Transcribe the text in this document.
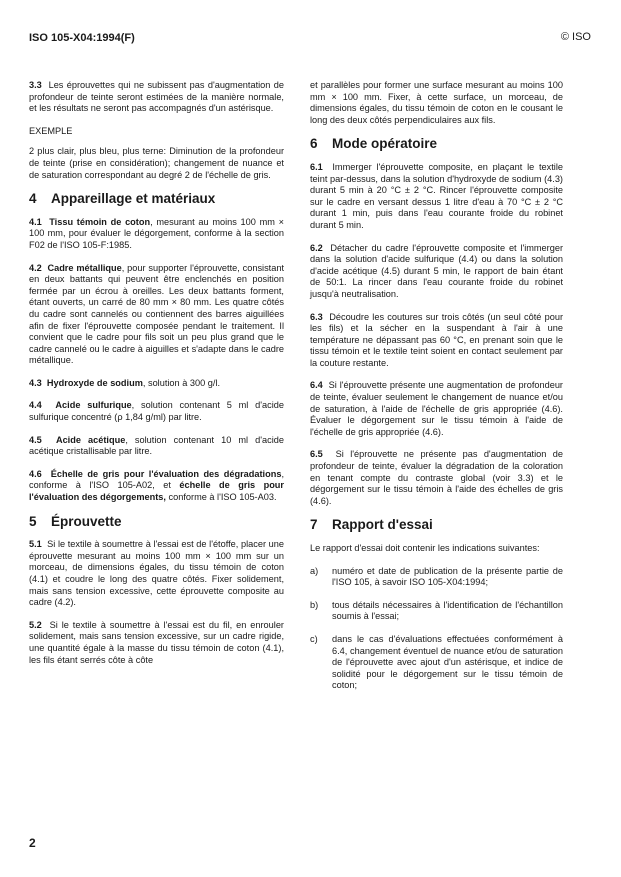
ISO 105-X04:1994(F)	© ISO

3.3 Les éprouvettes qui ne subissent pas d'augmentation de profondeur de teinte seront estimées de la manière normale, et les résultats ne seront pas accompagnés d'un astérisque.

EXEMPLE

2 plus clair, plus bleu, plus terne: Diminution de la profondeur de teinte (prise en considération); changement de nuance et de saturation correspondant au degré 2 de l'échelle de gris.

4 Appareillage et matériaux

4.1 Tissu témoin de coton, mesurant au moins 100 mm × 100 mm, pour évaluer le dégorgement, conforme à la section F02 de l'ISO 105-F:1985.

4.2 Cadre métallique, pour supporter l'éprouvette, consistant en deux battants qui peuvent être enclenchés en position fermée par un écrou à oreilles. Les deux battants forment, étant ouverts, un carré de 80 mm × 80 mm. Les quatre côtés du cadre sont cannelés ou contiennent des barres aiguillées afin de fixer l'éprouvette composée pendant le traitement. Il convient que le cadre pour fils soit un peu plus grand que le cadre cannelé ou le cadre à aiguilles et s'adapte dans le cadre métallique.

4.3 Hydroxyde de sodium, solution à 300 g/l.

4.4 Acide sulfurique, solution contenant 5 ml d'acide sulfurique concentré (ρ 1,84 g/ml) par litre.

4.5 Acide acétique, solution contenant 10 ml d'acide acétique cristallisable par litre.

4.6 Échelle de gris pour l'évaluation des dégradations, conforme à l'ISO 105-A02, et échelle de gris pour l'évaluation des dégorgements, conforme à l'ISO 105-A03.

5 Éprouvette

5.1 Si le textile à soumettre à l'essai est de l'étoffe, placer une éprouvette mesurant au moins 100 mm × 100 mm sur un morceau, de dimensions égales, du tissu témoin de coton (4.1) et coudre le long des quatre côtés. Fixer solidement, mais sans tension excessive, cette éprouvette composite au cadre (4.2).

5.2 Si le textile à soumettre à l'essai est du fil, en enrouler solidement, mais sans tension excessive, sur un cadre rigide, une quantité égale à la masse du tissu témoin de coton (4.1), les fils étant serrés côte à côte

et parallèles pour former une surface mesurant au moins 100 mm × 100 mm. Fixer, à cette surface, un morceau, de dimensions égales, du tissu témoin de coton en le cousant le long des deux côtés perpendiculaires aux fils.

6 Mode opératoire

6.1 Immerger l'éprouvette composite, en plaçant le textile teint par-dessus, dans la solution d'hydroxyde de sodium (4.3) durant 5 min à 20 °C ± 2 °C. Rincer l'éprouvette composite sur le cadre en versant dessus 1 litre d'eau à 70 °C ± 2 °C durant 1 min, puis dans l'eau courante froide du robinet durant 5 min.

6.2 Détacher du cadre l'éprouvette composite et l'immerger dans la solution d'acide sulfurique (4.4) ou dans la solution d'acide acétique (4.5) durant 5 min, le rapport de bain étant de 50:1. La rincer dans l'eau courante froide du robinet jusqu'à neutralisation.

6.3 Découdre les coutures sur trois côtés (un seul côté pour les fils) et la sécher en la suspendant à l'air à une température ne dépassant pas 60 °C, en prenant soin que le tissu témoin et le textile teint soient en contact seulement par la couture restante.

6.4 Si l'éprouvette présente une augmentation de profondeur de teinte, évaluer seulement le changement de nuance et/ou de saturation, à l'aide de l'échelle de gris appropriée (4.6). Évaluer le dégorgement sur le tissu témoin à l'aide de l'échelle de gris appropriée (4.6).

6.5 Si l'éprouvette ne présente pas d'augmentation de profondeur de teinte, évaluer la dégradation de la coloration en tenant compte du contraste global (voir 3.3) et le dégorgement sur le tissu témoin à l'aide des échelles de gris (4.6).

7 Rapport d'essai

Le rapport d'essai doit contenir les indications suivantes:

a)	numéro et date de publication de la présente partie de l'ISO 105, à savoir ISO 105-X04:1994;
b)	tous détails nécessaires à l'identification de l'échantillon soumis à l'essai;
c)	dans le cas d'évaluations effectuées conformément à 6.4, changement éventuel de nuance et/ou de saturation de l'éprouvette avec ajout d'un astérisque, et indice de solidité pour le dégorgement sur le tissu témoin de coton;
2
